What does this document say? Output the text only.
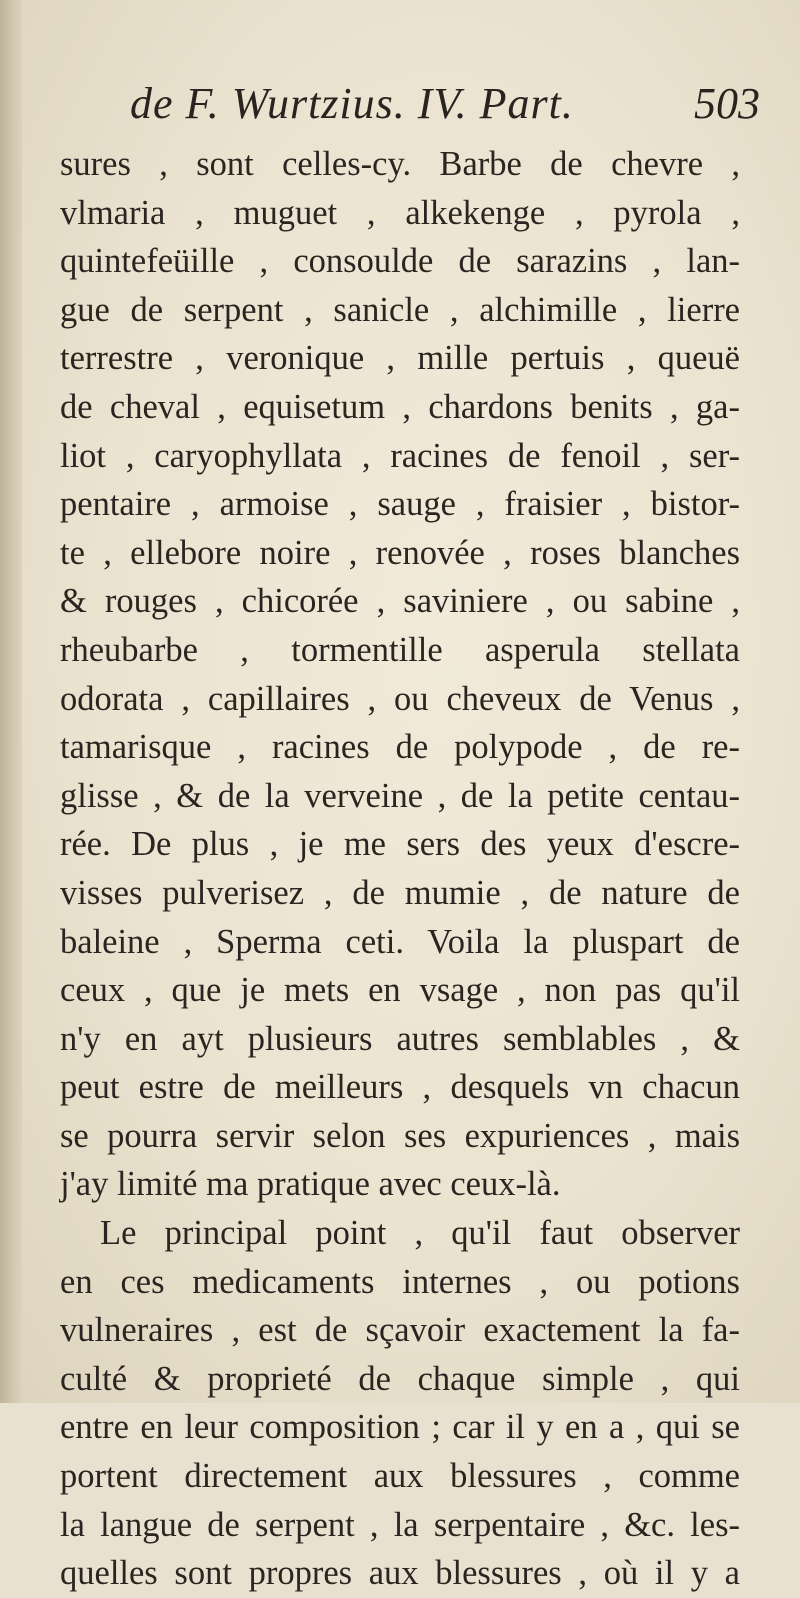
de F. Wurtzius. IV. Part.	503
sures , sont celles-cy. Barbe de chevre ,
vlmaria , muguet , alkekenge , pyrola ,
quintefeüille , consoulde de sarazins , lan-
gue de serpent , sanicle , alchimille , lierre
terrestre , veronique , mille pertuis , queuë
de cheval , equisetum , chardons benits , ga-
liot , caryophyllata , racines de fenoil , ser-
pentaire , armoise , sauge , fraisier , bistor-
te , ellebore noire , renovée , roses blanches
& rouges , chicorée , saviniere , ou sabine ,
rheubarbe , tormentille asperula stellata
odorata , capillaires , ou cheveux de Venus ,
tamarisque , racines de polypode , de re-
glisse , & de la verveine , de la petite centau-
rée. De plus , je me sers des yeux d'escre-
visses pulverisez , de mumie , de nature de
baleine , Sperma ceti. Voila la pluspart de
ceux , que je mets en vsage , non pas qu'il
n'y en ayt plusieurs autres semblables , &
peut estre de meilleurs , desquels vn chacun
se pourra servir selon ses expuriences , mais
j'ay limité ma pratique avec ceux-là.
Le principal point , qu'il faut observer
en ces medicaments internes , ou potions
vulneraires , est de sçavoir exactement la fa-
culté & proprieté de chaque simple , qui
entre en leur composition ; car il y en a , qui se
portent directement aux blessures , comme
la langue de serpent , la serpentaire , &c. les-
quelles sont propres aux blessures , où il y a
